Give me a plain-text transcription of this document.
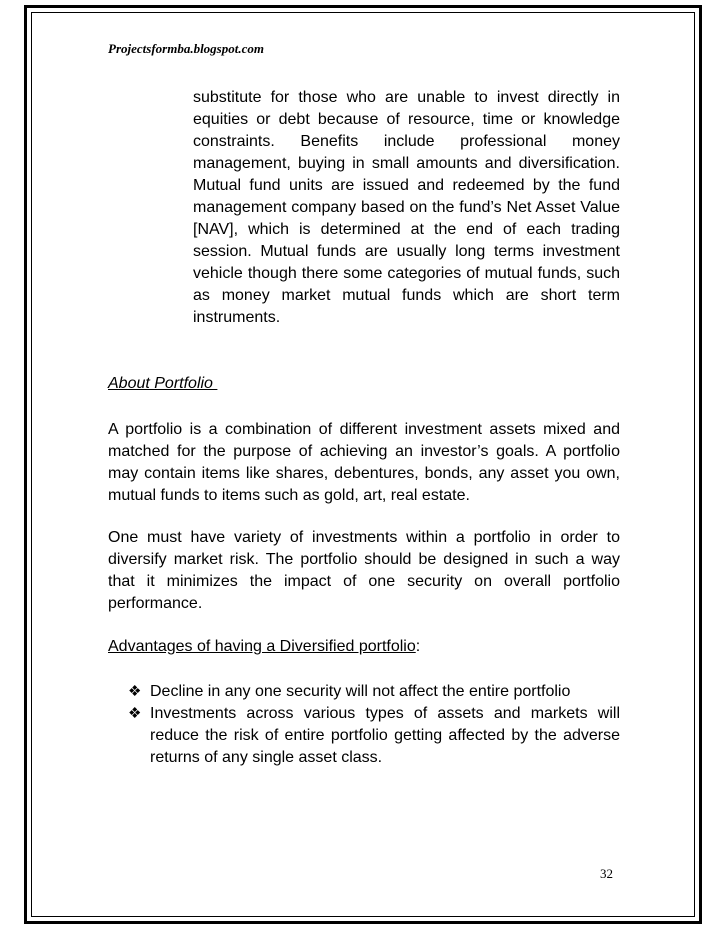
Projectsformba.blogspot.com

substitute for those who are unable to invest directly in equities or debt because of resource, time or knowledge constraints. Benefits include professional money management, buying in small amounts and diversification. Mutual fund units are issued and redeemed by the fund management company based on the fund’s Net Asset Value [NAV], which is determined at the end of each trading session. Mutual funds are usually long terms investment vehicle though there some categories of mutual funds, such as money market mutual funds which are short term instruments.

About Portfolio

A portfolio is a combination of different investment assets mixed and matched for the purpose of achieving an investor’s goals. A portfolio may contain items like shares, debentures, bonds, any asset you own, mutual funds to items such as gold, art, real estate.

One must have variety of investments within a portfolio in order to diversify market risk. The portfolio should be designed in such a way that it minimizes the impact of one security on overall portfolio performance.

Advantages of having a Diversified portfolio:
❖ Decline in any one security will not affect the entire portfolio
❖ Investments across various types of assets and markets will reduce the risk of entire portfolio getting affected by the adverse returns of any single asset class.
32
